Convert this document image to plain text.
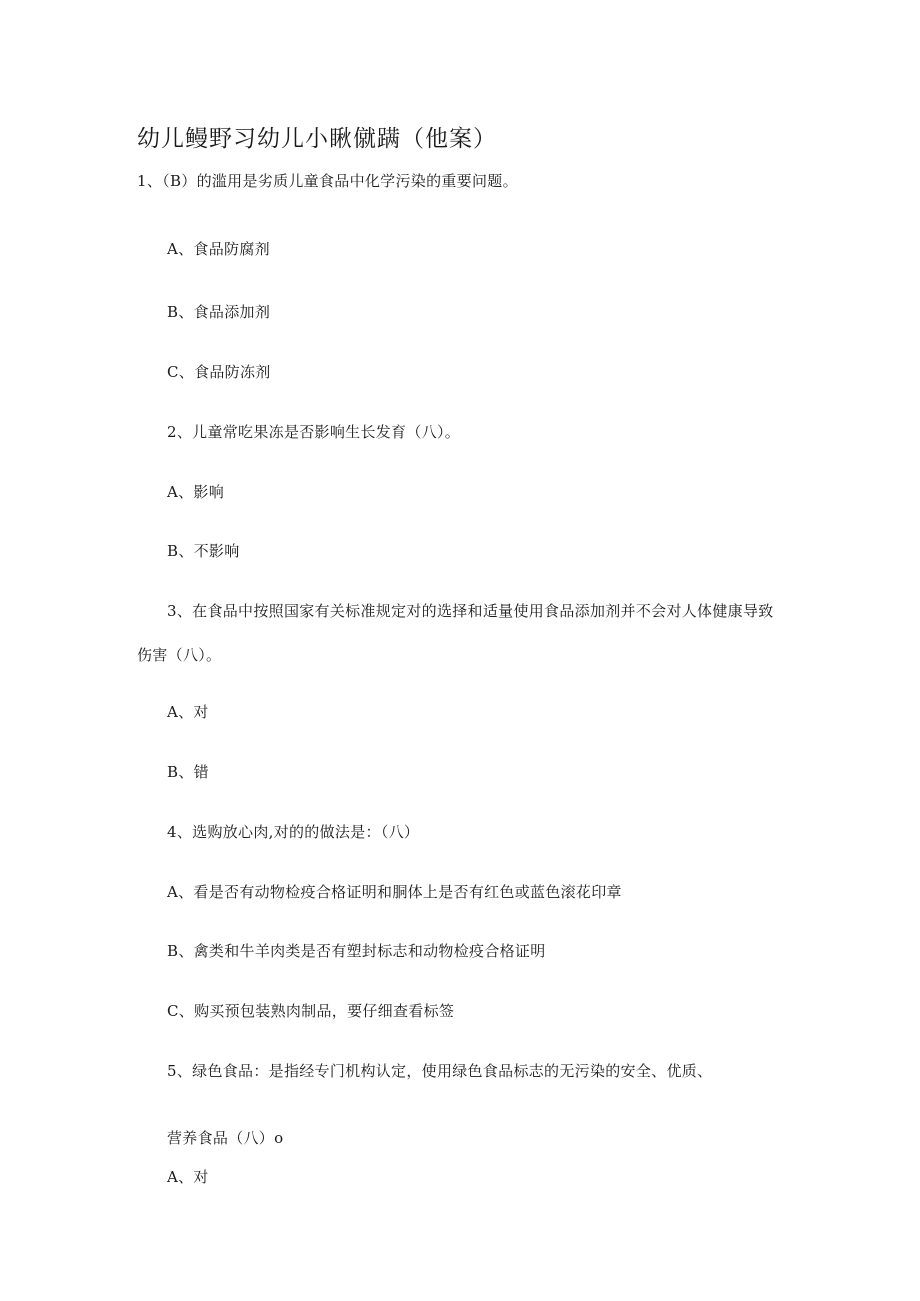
幼儿鳗野习幼儿小瞅僦蹒（他案）
1、（B）的滥用是劣质儿童食品中化学污染的重要问题。
A、食品防腐剂
B、食品添加剂
C、食品防冻剂
2、儿童常吃果冻是否影响生长发育（八）。
A、影响
B、不影响
3、在食品中按照国家有关标准规定对的选择和适量使用食品添加剂并不会对人体健康导致
伤害（八）。
A、对
B、错
4、选购放心肉,对的的做法是：（八）
A、看是否有动物检疫合格证明和胴体上是否有红色或蓝色滚花印章
B、禽类和牛羊肉类是否有塑封标志和动物检疫合格证明
C、购买预包装熟肉制品，要仔细查看标签
5、绿色食品：是指经专门机构认定，使用绿色食品标志的无污染的安全、优质、
营养食品（八）o
A、对
